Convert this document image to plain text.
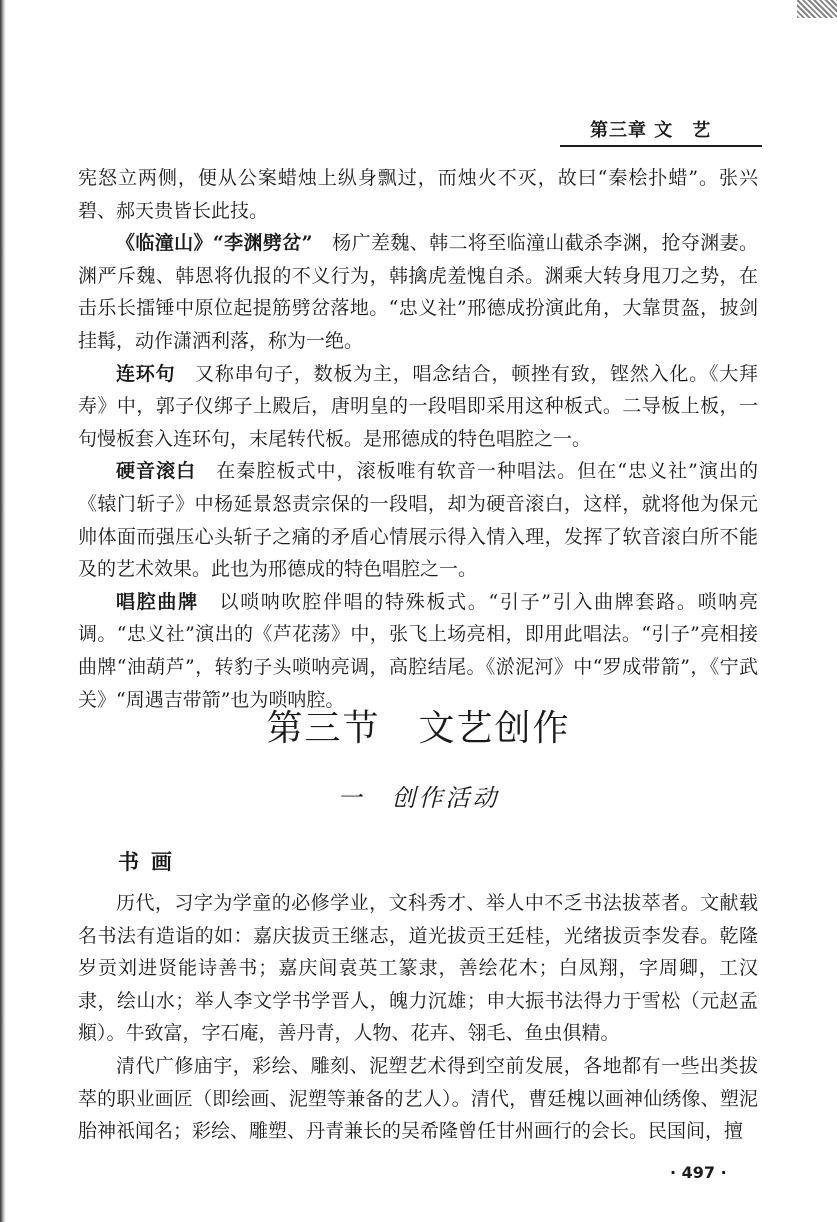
第三章 文　艺

宪怒立两侧，便从公案蜡烛上纵身飘过，而烛火不灭，故曰“秦桧扑蜡”。张兴碧、郝天贵皆长此技。

《临潼山》“李渊劈岔”　杨广差魏、韩二将至临潼山截杀李渊，抢夺渊妻。渊严斥魏、韩恩将仇报的不义行为，韩擒虎羞愧自杀。渊乘大转身甩刀之势，在击乐长擂锤中原位起提筋劈岔落地。“忠义社”邢德成扮演此角，大靠贯盔，披剑挂髯，动作潇洒利落，称为一绝。

连环句　又称串句子，数板为主，唱念结合，顿挫有致，铿然入化。《大拜寿》中，郭子仪绑子上殿后，唐明皇的一段唱即采用这种板式。二导板上板，一句慢板套入连环句，末尾转代板。是邢德成的特色唱腔之一。

硬音滚白　在秦腔板式中，滚板唯有软音一种唱法。但在“忠义社”演出的《辕门斩子》中杨延景怒责宗保的一段唱，却为硬音滚白，这样，就将他为保元帅体面而强压心头斩子之痛的矛盾心情展示得入情入理，发挥了软音滚白所不能及的艺术效果。此也为邢德成的特色唱腔之一。

唱腔曲牌　以唢呐吹腔伴唱的特殊板式。“引子”引入曲牌套路。唢呐亮调。“忠义社”演出的《芦花荡》中，张飞上场亮相，即用此唱法。“引子”亮相接曲牌“油葫芦”，转豹子头唢呐亮调，高腔结尾。《淤泥河》中“罗成带箭”，《宁武关》“周遇吉带箭”也为唢呐腔。

第三节　文艺创作
一　创作活动
书画

历代，习字为学童的必修学业，文科秀才、举人中不乏书法拔萃者。文献载名书法有造诣的如：嘉庆拔贡王继志，道光拔贡王廷桂，光绪拔贡李发春。乾隆岁贡刘进贤能诗善书；嘉庆间袁英工篆隶，善绘花木；白凤翔，字周卿，工汉隶，绘山水；举人李文学书学晋人，魄力沉雄；申大振书法得力于雪松（元赵孟頫）。牛致富，字石庵，善丹青，人物、花卉、翎毛、鱼虫俱精。

清代广修庙宇，彩绘、雕刻、泥塑艺术得到空前发展，各地都有一些出类拔萃的职业画匠（即绘画、泥塑等兼备的艺人）。清代，曹廷槐以画神仙绣像、塑泥胎神祇闻名；彩绘、雕塑、丹青兼长的吴希隆曾任甘州画行的会长。民国间，擅

· 497 ·
